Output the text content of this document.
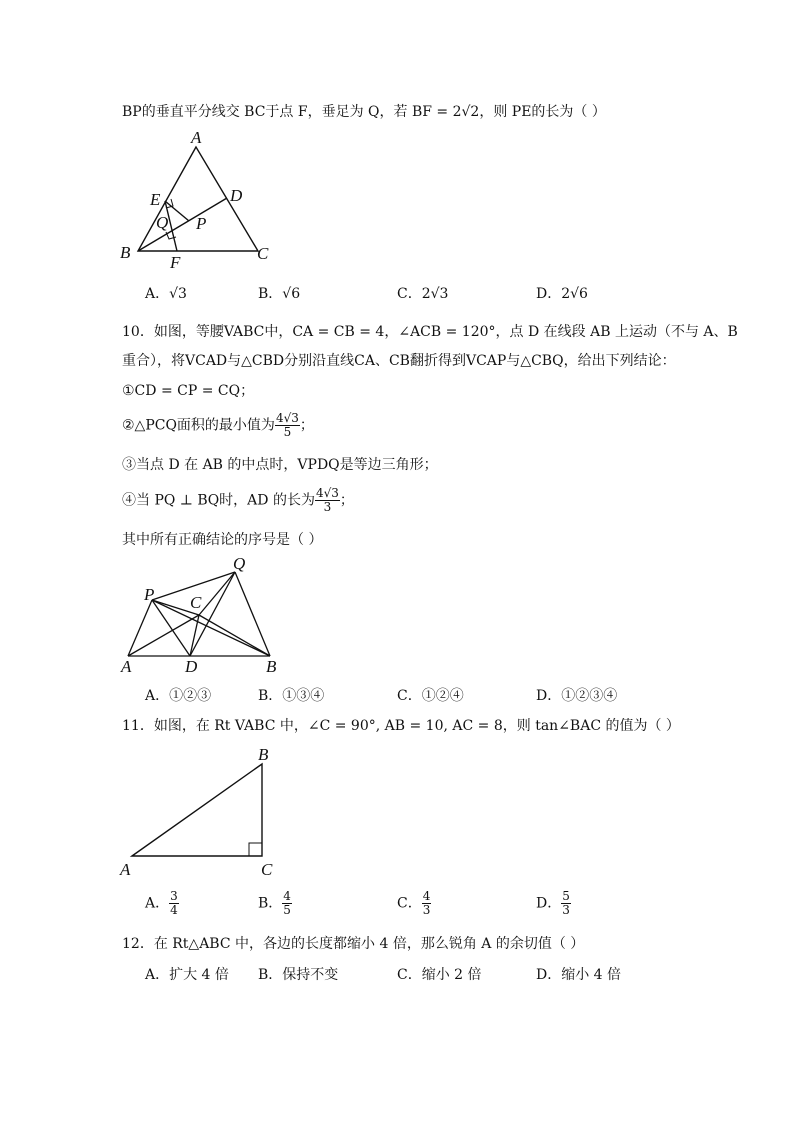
BP的垂直平分线交 BC于点 F，垂足为 Q，若 BF = 2√2，则 PE的长为（ ）
A
D
E
Q P
B
F	C
A．√3	B．√6	C．2√3	D．2√6
10．如图，等腰VABC中，CA = CB = 4，∠ACB = 120°，点 D 在线段 AB 上运动（不与 A、B
重合），将VCAD与△CBD分别沿直线CA、CB翻折得到VCAP与△CBQ，给出下列结论：
①CD = CP = CQ；
②△PCQ面积的最小值为 $\frac{4√3}{5}$ ；
③当点 D 在 AB 的中点时，VPDQ是等边三角形；
④当 PQ ⊥ BQ时，AD 的长为 $\frac{4√3}{3}$ ；
其中所有正确结论的序号是（ ）
Q
P C
A	D	B
A．①②③	B．①③④	C．①②④	D．①②③④
11．如图，在 Rt VABC 中，∠C = 90°, AB = 10, AC = 8，则 tan∠BAC 的值为（ ）
B
A	C
A． $\frac{3}{4}$	B． $\frac{4}{5}$	C． $\frac{4}{3}$	D． $\frac{5}{3}$
12．在 Rt△ABC 中，各边的长度都缩小 4 倍，那么锐角 A 的余切值（ ）
A．扩大 4 倍 B．保持不变	C．缩小 2 倍	D．缩小 4 倍
